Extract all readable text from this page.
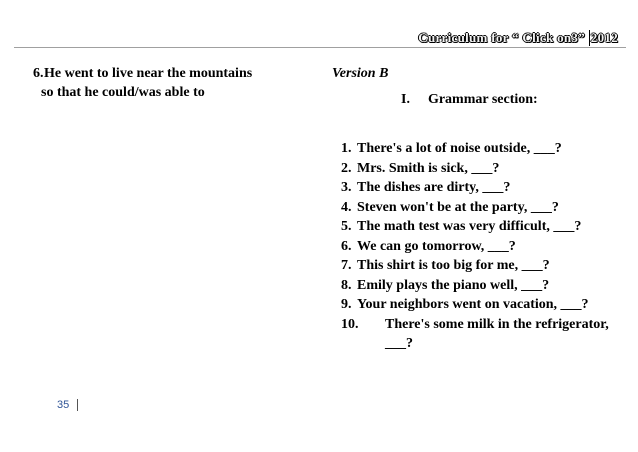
Curriculum for “ Click on3” 2012
6.He went to live near the mountains
so that he could/was able to
Version B
I. Grammar section:
1. There's a lot of noise outside, ___?
2. Mrs. Smith is sick, ___?
3. The dishes are dirty, ___?
4. Steven won't be at the party, ___?
5. The math test was very difficult, ___?
6. We can go tomorrow, ___?
7. This shirt is too big for me, ___?
8. Emily plays the piano well, ___?
9. Your neighbors went on vacation, ___?
10.	There's some milk in the refrigerator, ___?
35
